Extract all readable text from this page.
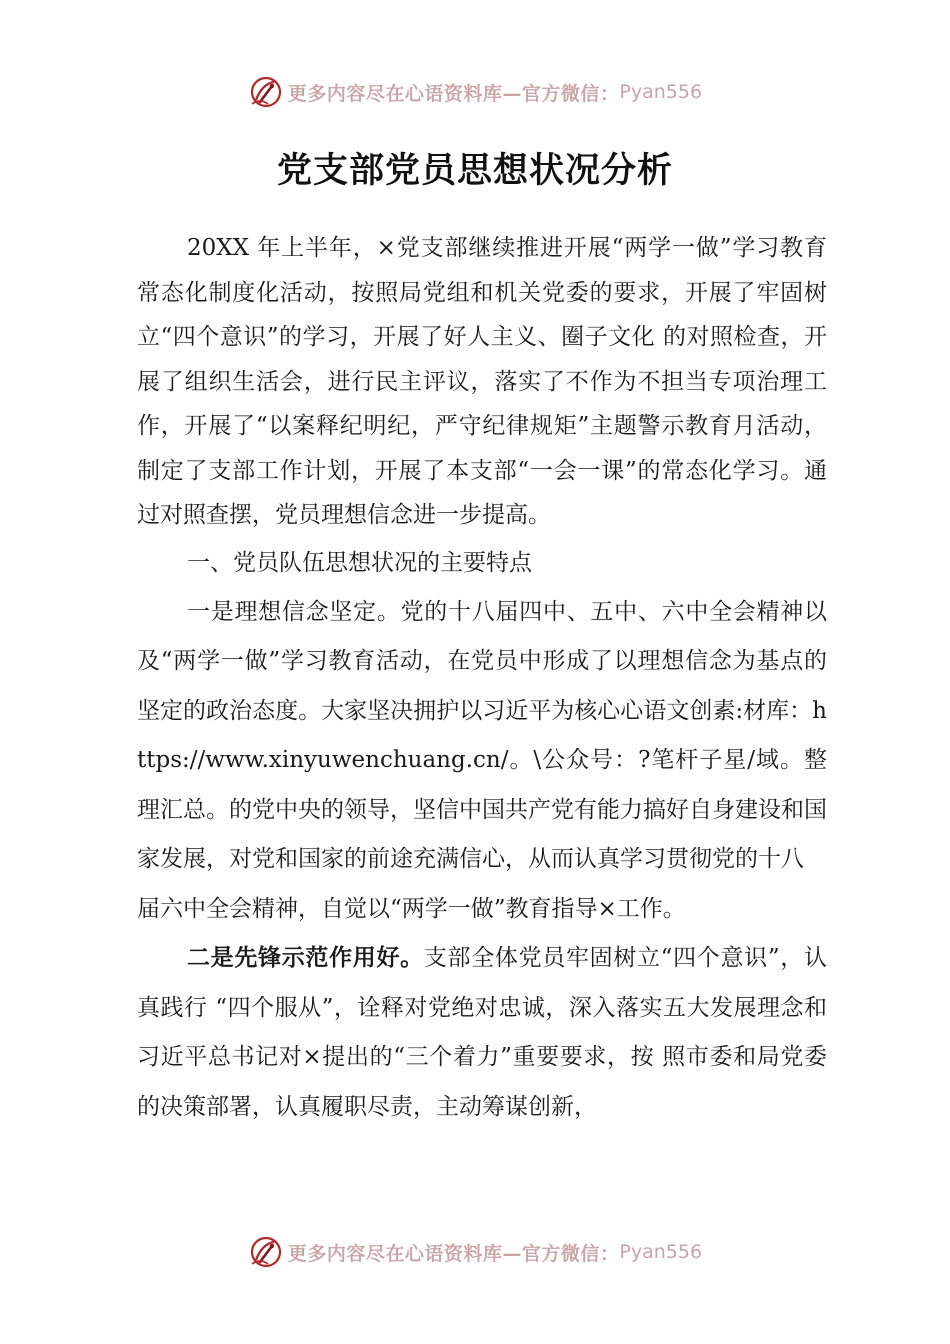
更多内容尽在心语资料库—官方微信： Pyan556
党支部党员思想状况分析

20XX 年上半年，×党支部继续推进开展“两学一做”学习教育常态化制度化活动，按照局党组和机关党委的要求，开展了牢固树立“四个意识”的学习，开展了好人主义、圈子文化 的对照检查，开展了组织生活会，进行民主评议，落实了不作为不担当专项治理工作，开展了“以案释纪明纪，严守纪律规矩”主题警示教育月活动，制定了支部工作计划，开展了本支部“一会一课”的常态化学习。通过对照查摆，党员理想信念进一步提高。

一、党员队伍思想状况的主要特点

一是理想信念坚定。党的十八届四中、五中、六中全会精神以及“两学一做”学习教育活动，在党员中形成了以理想信念为基点的坚定的政治态度。大家坚决拥护以习近平为核心心语文创素:材库：https://www.xinyuwenchuang.cn/。\公众号：?笔杆子星/域。整理汇总。的党中央的领导，坚信中国共产党有能力搞好自身建设和国家发展，对党和国家的前途充满信心，从而认真学习贯彻党的十八

届六中全会精神，自觉以“两学一做”教育指导×工作。

二是先锋示范作用好。支部全体党员牢固树立“四个意识”，认真践行 “四个服从”，诠释对党绝对忠诚，深入落实五大发展理念和习近平总书记对×提出的“三个着力”重要要求，按 照市委和局党委的决策部署，认真履职尽责，主动筹谋创新，

更多内容尽在心语资料库—官方微信： Pyan556
